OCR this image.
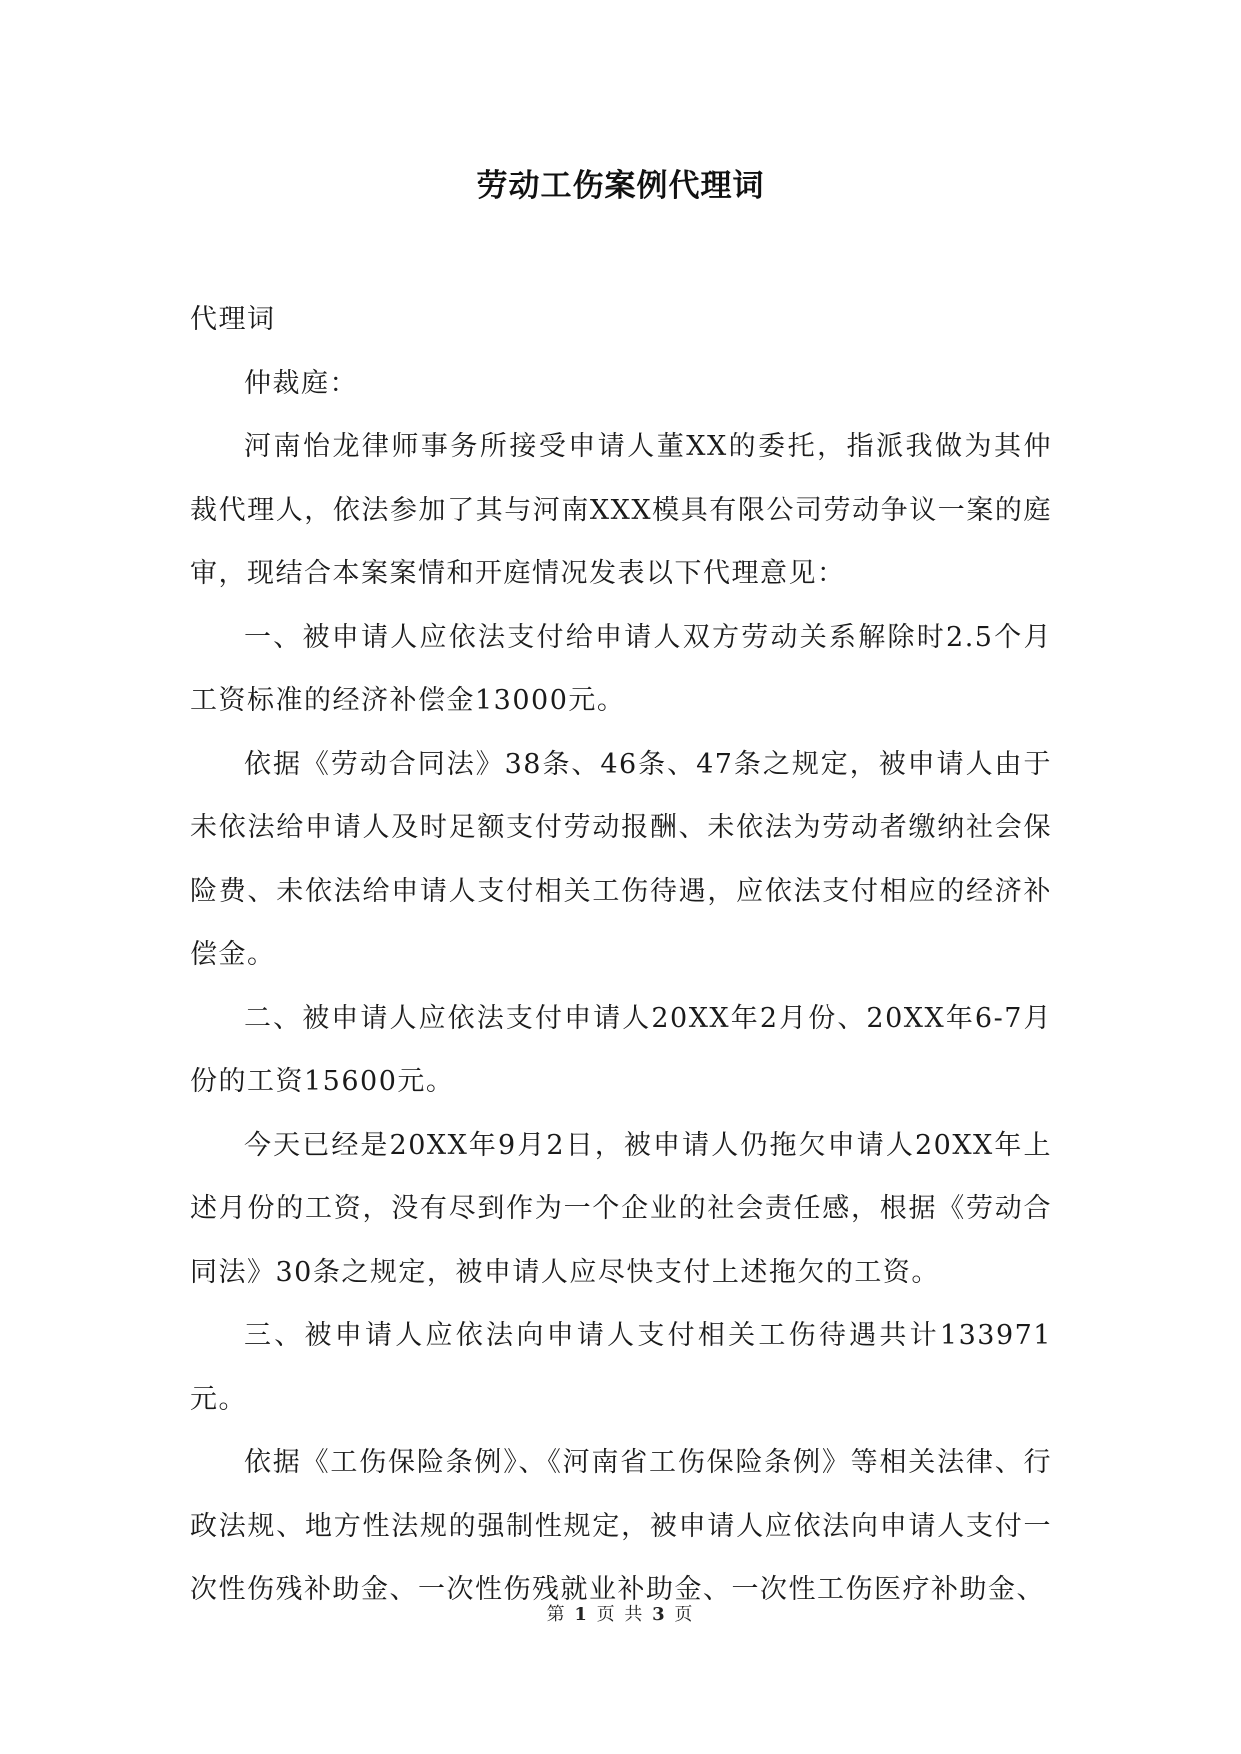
劳动工伤案例代理词

代理词

仲裁庭：

河南怡龙律师事务所接受申请人董XX的委托，指派我做为其仲裁代理人，依法参加了其与河南XXX模具有限公司劳动争议一案的庭审，现结合本案案情和开庭情况发表以下代理意见：

一、被申请人应依法支付给申请人双方劳动关系解除时2.5个月工资标准的经济补偿金13000元。

依据《劳动合同法》38条、46条、47条之规定，被申请人由于未依法给申请人及时足额支付劳动报酬、未依法为劳动者缴纳社会保险费、未依法给申请人支付相关工伤待遇，应依法支付相应的经济补偿金。

二、被申请人应依法支付申请人20XX年2月份、20XX年6-7月份的工资15600元。

今天已经是20XX年9月2日，被申请人仍拖欠申请人20XX年上述月份的工资，没有尽到作为一个企业的社会责任感，根据《劳动合同法》30条之规定，被申请人应尽快支付上述拖欠的工资。

三、被申请人应依法向申请人支付相关工伤待遇共计133971元。

依据《工伤保险条例》、《河南省工伤保险条例》等相关法律、行政法规、地方性法规的强制性规定，被申请人应依法向申请人支付一次性伤残补助金、一次性伤残就业补助金、一次性工伤医疗补助金、

第 1 页 共 3 页
